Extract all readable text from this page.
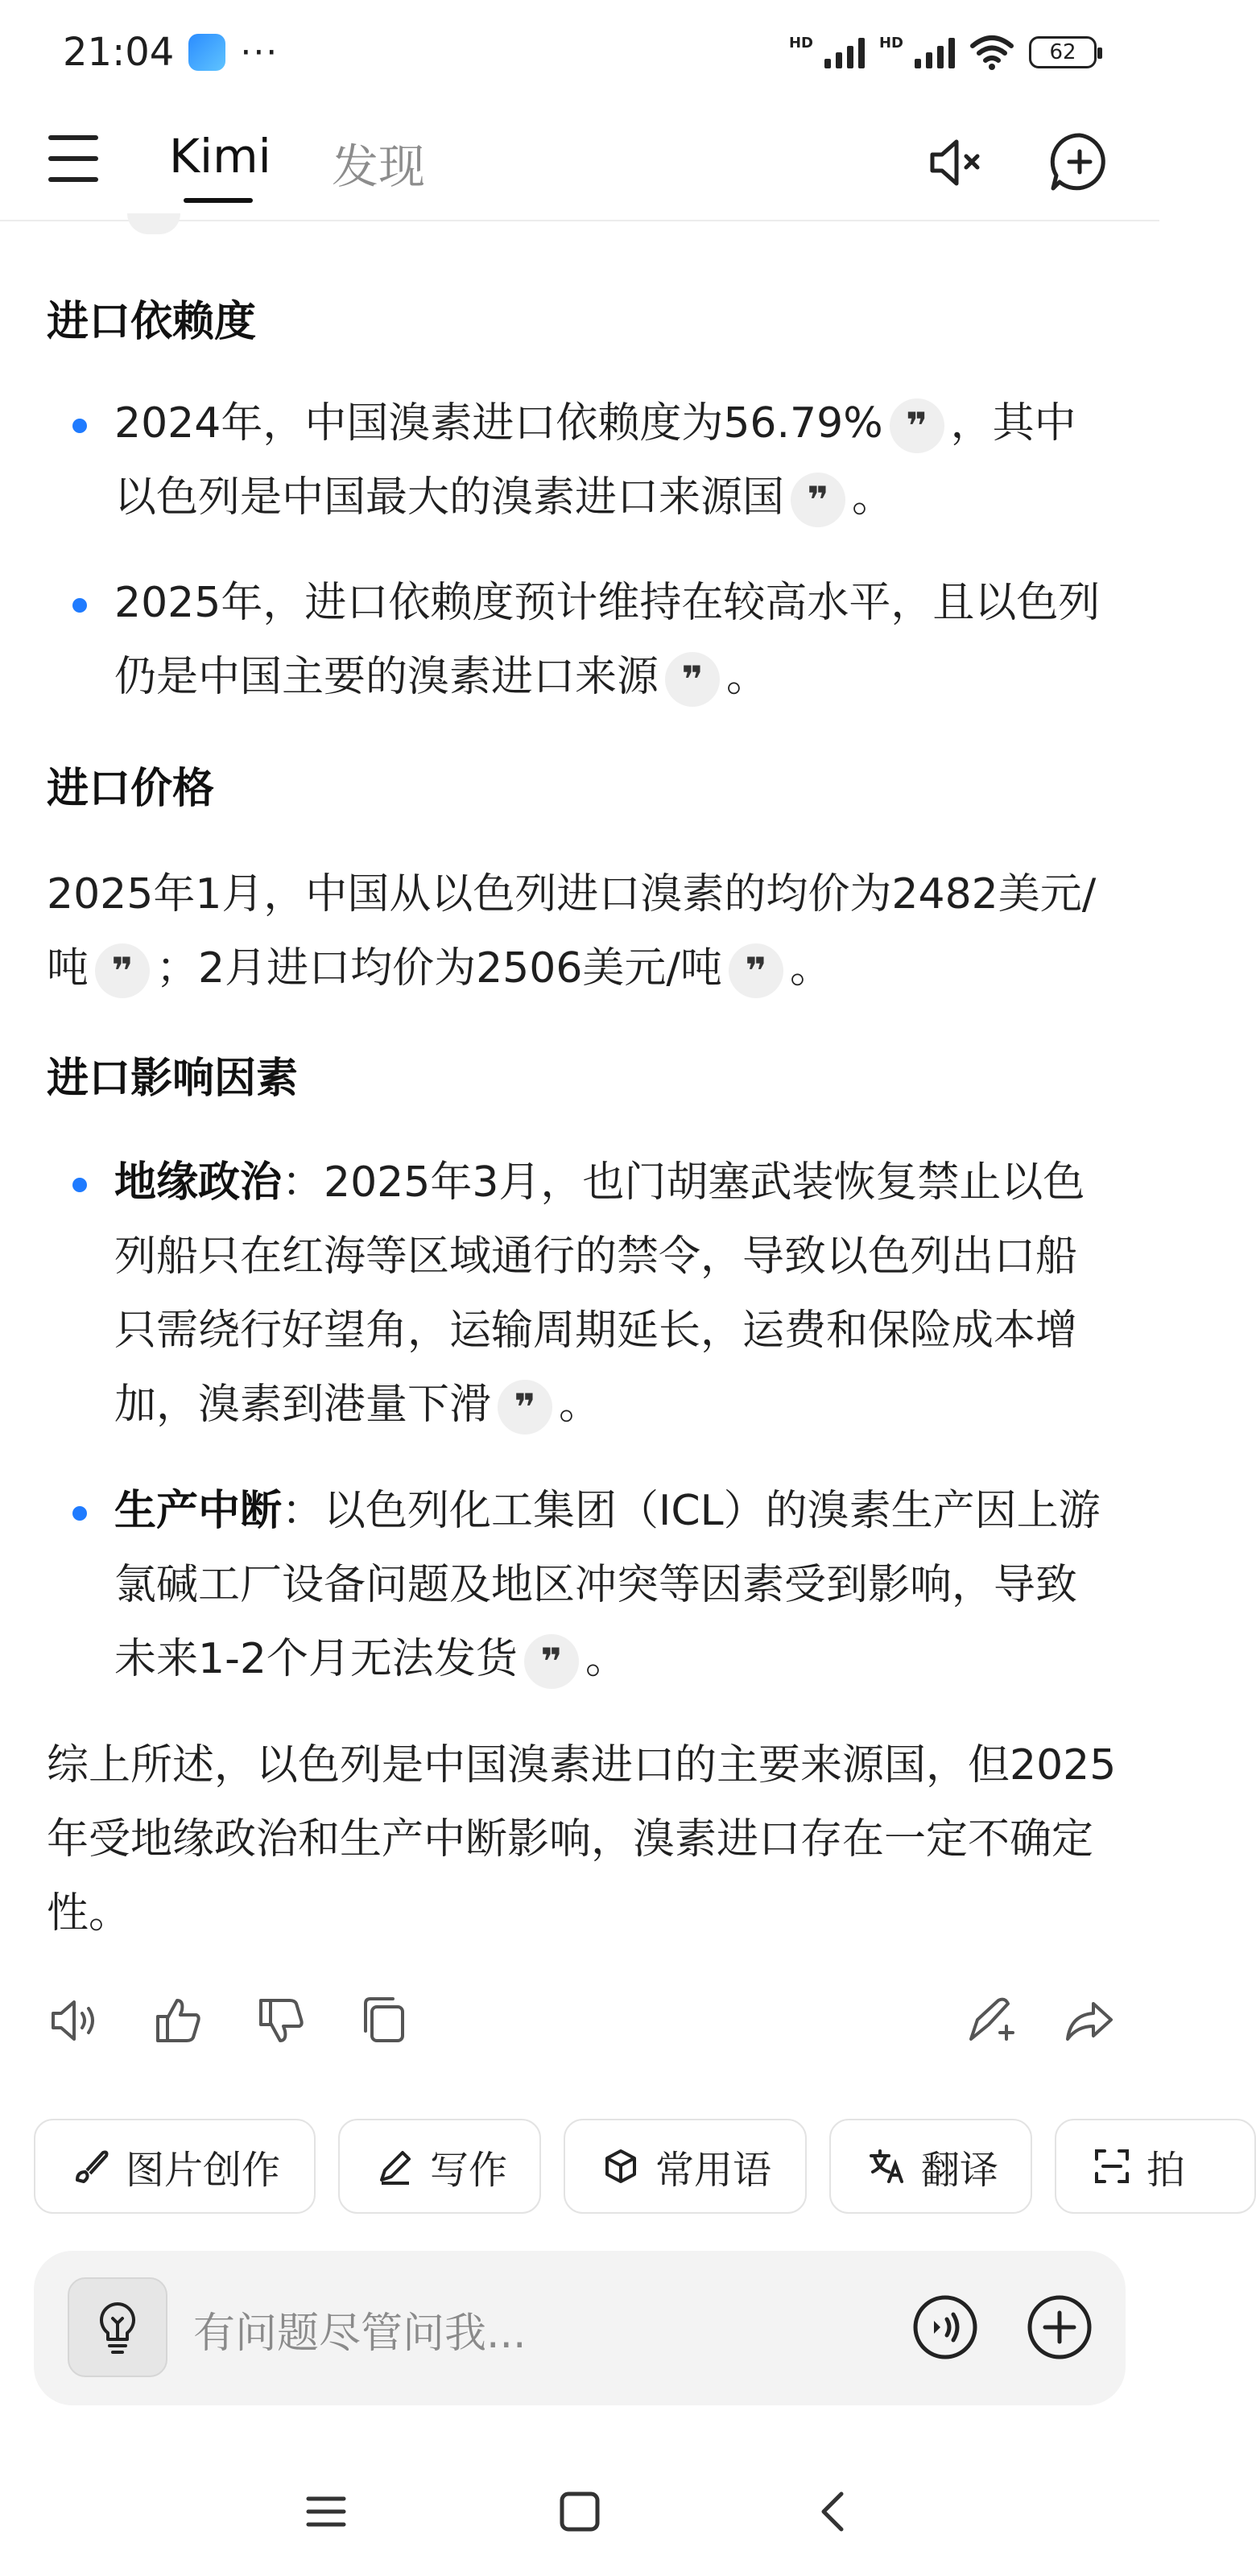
21:04 ···	HD	HD	62
Kimi 发现
进口依赖度

2024年，中国溴素进口依赖度为56.79% ❞ ，其中以色列是中国最大的溴素进口来源国 ❞ 。

2025年，进口依赖度预计维持在较高水平，且以色列仍是中国主要的溴素进口来源 ❞ 。

进口价格

2025年1月，中国从以色列进口溴素的均价为2482美元/吨 ❞ ；2月进口均价为2506美元/吨 ❞ 。

进口影响因素

地缘政治：2025年3月，也门胡塞武装恢复禁止以色列船只在红海等区域通行的禁令，导致以色列出口船只需绕行好望角，运输周期延长，运费和保险成本增加，溴素到港量下滑 ❞ 。

生产中断：以色列化工集团（ICL）的溴素生产因上游氯碱工厂设备问题及地区冲突等因素受到影响，导致未来1-2个月无法发货 ❞ 。

综上所述，以色列是中国溴素进口的主要来源国，但2025年受地缘政治和生产中断影响，溴素进口存在一定不确定性。

图片创作	写作	常用语	翻译	拍
有问题尽管问我...
